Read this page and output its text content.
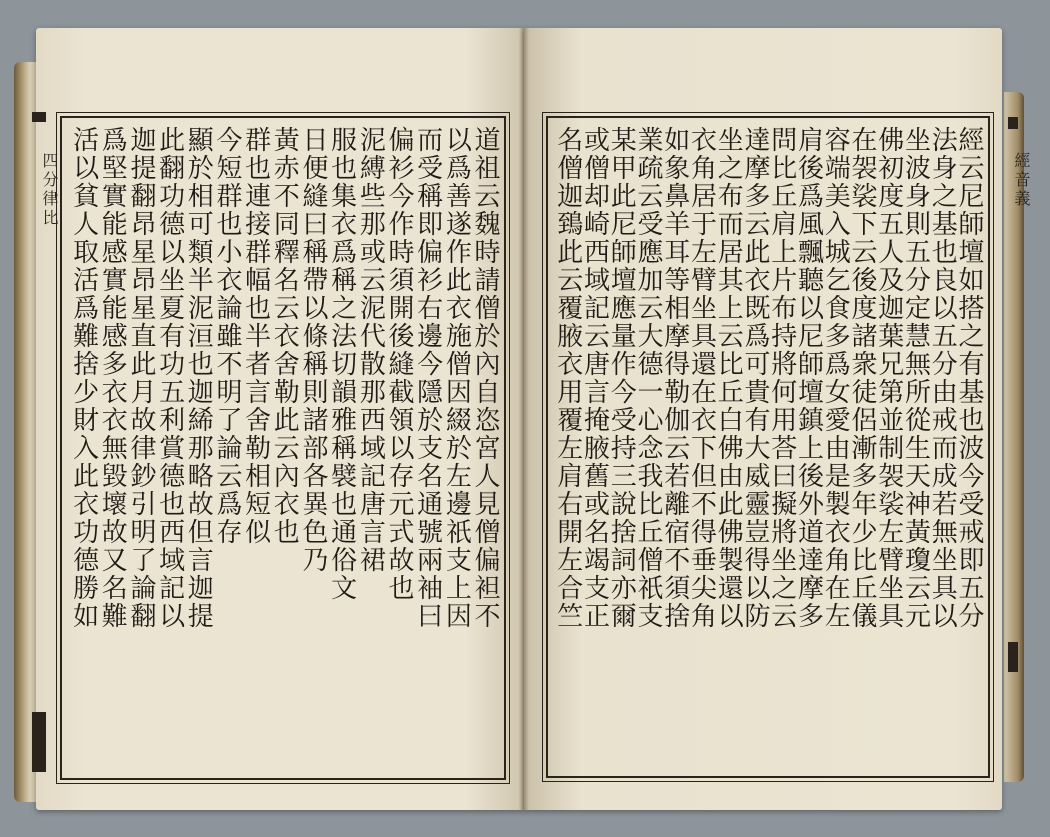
道祖云魏時請僧於內自恣宮人見僧偏袒不
以爲善遂作此衣施僧因綴於左邊祇支上因
而受稱即偏衫右邊今隱於支名通號兩袖曰
偏衫今作時須開後縫截領以存元式故也
泥縛些那或云泥代散那西域記唐言裙
服也集衣爲稱之法切韻雅稱襞也通俗文
日便縫曰稱帶以條稱則諸部各異色乃
黃赤不同釋名云衣舍勒此云內衣也
群也連接群幅也半者言舍勒相短似
今短群也小衣論雖不明了論云爲存
顯於相可類半泥洹也迦絺那略故但言迦提
此翻功德以坐夏有功五利賞德也西域記以
迦提翻昂星昂星直此月故律鈔引明了論翻
爲堅實能感實能感多衣衣無毀壞故又名難
活以貧人取活爲難捨少財入此衣功德勝如	經云尼師壇如搭之有基也波今受戒即五分
法身之基也良以五分由戒而成若無坐具以
坐波身則五分定慧無所從生天神黃瓊云元
佛初度五人及迦葉兄第並制袈裟左臂坐具
在袈裟下云後度諸衆徒侶漸多年少比丘儀
容端美入城乞食多爲女愛由是製衣角在左
肩後爲風飄聽以尼師壇鎮上後外道達摩多
問比丘肩上片布持將何用荅曰擬將坐之云
達摩多云此衣既爲可貴有大威靈豈得以防
坐之布而居其上云比丘白佛由此佛製還以
衣角居于左臂坐具還在衣下但不得垂尖角
如象鼻羊耳等相摩得勒伽云若離宿不須捨
業疏云受應加云大德一心念我比丘僧祇支
某甲此尼師壇應量作今受持三說捨詞亦爾
或僧却崎西域記云唐言掩腋舊或名竭支正
名僧迦鵄此云覆腋衣用覆左肩右開左合竺
四分律比	經音義
